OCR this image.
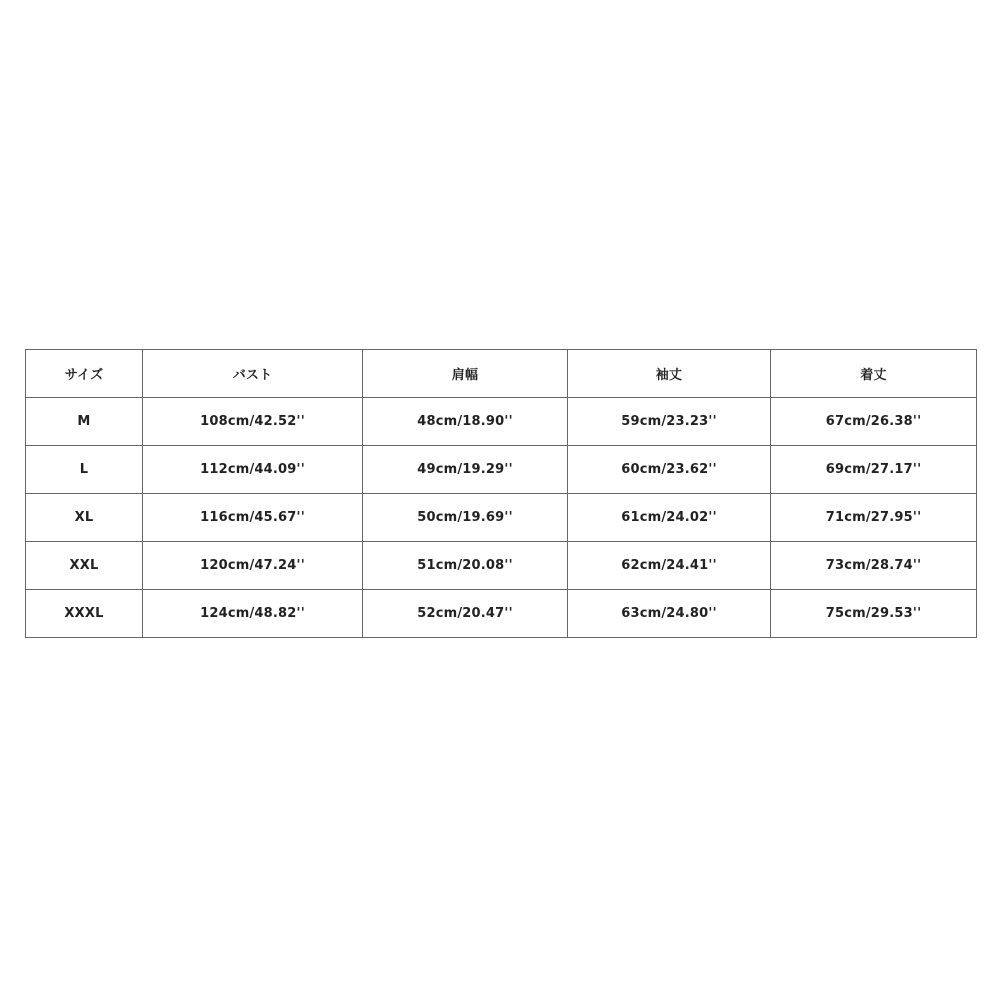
サイズ	バスト	肩幅	袖丈	着丈
M	108cm/42.52''	48cm/18.90''	59cm/23.23''	67cm/26.38''
L	112cm/44.09''	49cm/19.29''	60cm/23.62''	69cm/27.17''
XL	116cm/45.67''	50cm/19.69''	61cm/24.02''	71cm/27.95''
XXL	120cm/47.24''	51cm/20.08''	62cm/24.41''	73cm/28.74''
XXXL	124cm/48.82''	52cm/20.47''	63cm/24.80''	75cm/29.53''
